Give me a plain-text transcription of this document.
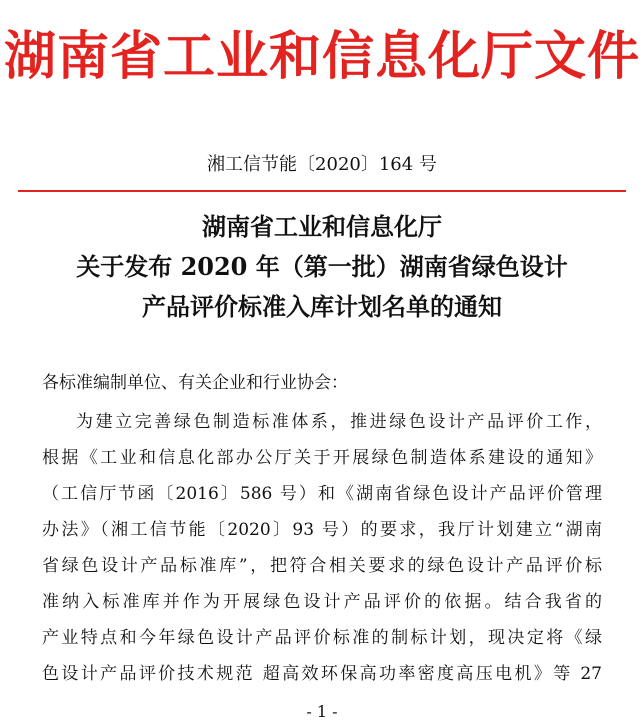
湖南省工业和信息化厅文件
湘工信节能〔2020〕164 号
湖南省工业和信息化厅
关于发布 2020 年（第一批）湖南省绿色设计
产品评价标准入库计划名单的通知
各标准编制单位、有关企业和行业协会：
为建立完善绿色制造标准体系，推进绿色设计产品评价工作，
根据《工业和信息化部办公厅关于开展绿色制造体系建设的通知》
（工信厅节函〔2016〕586 号）和《湖南省绿色设计产品评价管理
办法》（湘工信节能〔2020〕93 号）的要求，我厅计划建立“湖南
省绿色设计产品标准库”，把符合相关要求的绿色设计产品评价标
准纳入标准库并作为开展绿色设计产品评价的依据。结合我省的
产业特点和今年绿色设计产品评价标准的制标计划，现决定将《绿
色设计产品评价技术规范 超高效环保高功率密度高压电机》等 27
- 1 -
